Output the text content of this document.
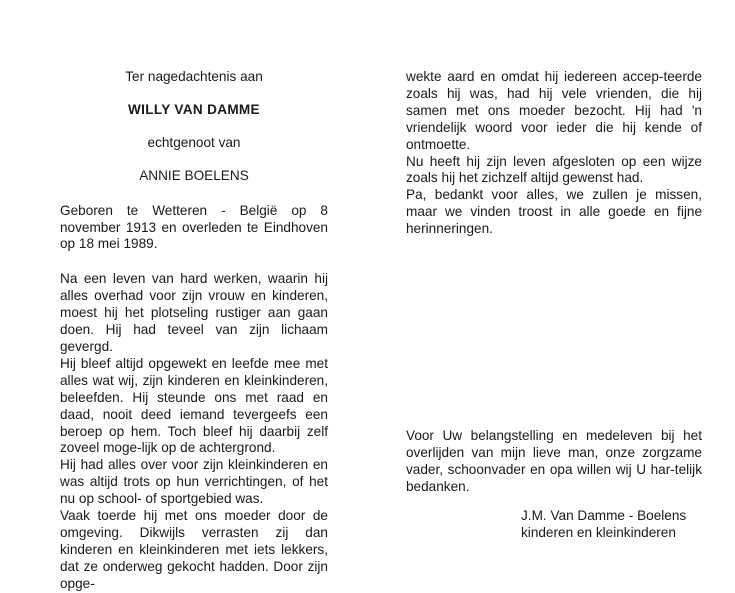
Ter nagedachtenis aan

WILLY VAN DAMME

echtgenoot van

ANNIE BOELENS

Geboren te Wetteren - België op 8 november 1913 en overleden te Eindhoven op 18 mei 1989.

Na een leven van hard werken, waarin hij alles overhad voor zijn vrouw en kinderen, moest hij het plotseling rustiger aan gaan doen. Hij had teveel van zijn lichaam gevergd.

Hij bleef altijd opgewekt en leefde mee met alles wat wij, zijn kinderen en kleinkinderen, beleefden. Hij steunde ons met raad en daad, nooit deed iemand tevergeefs een beroep op hem. Toch bleef hij daarbij zelf zoveel moge-lijk op de achtergrond.

Hij had alles over voor zijn kleinkinderen en was altijd trots op hun verrichtingen, of het nu op school- of sportgebied was.

Vaak toerde hij met ons moeder door de omgeving. Dikwijls verrasten zij dan kinderen en kleinkinderen met iets lekkers, dat ze onderweg gekocht hadden. Door zijn opge-

wekte aard en omdat hij iedereen accep-teerde zoals hij was, had hij vele vrienden, die hij samen met ons moeder bezocht. Hij had 'n vriendelijk woord voor ieder die hij kende of ontmoette.

Nu heeft hij zijn leven afgesloten op een wijze zoals hij het zichzelf altijd gewenst had.

Pa, bedankt voor alles, we zullen je missen, maar we vinden troost in alle goede en fijne herinneringen.

Voor Uw belangstelling en medeleven bij het overlijden van mijn lieve man, onze zorgzame vader, schoonvader en opa willen wij U har-telijk bedanken.

J.M. Van Damme - Boelens

kinderen en kleinkinderen
